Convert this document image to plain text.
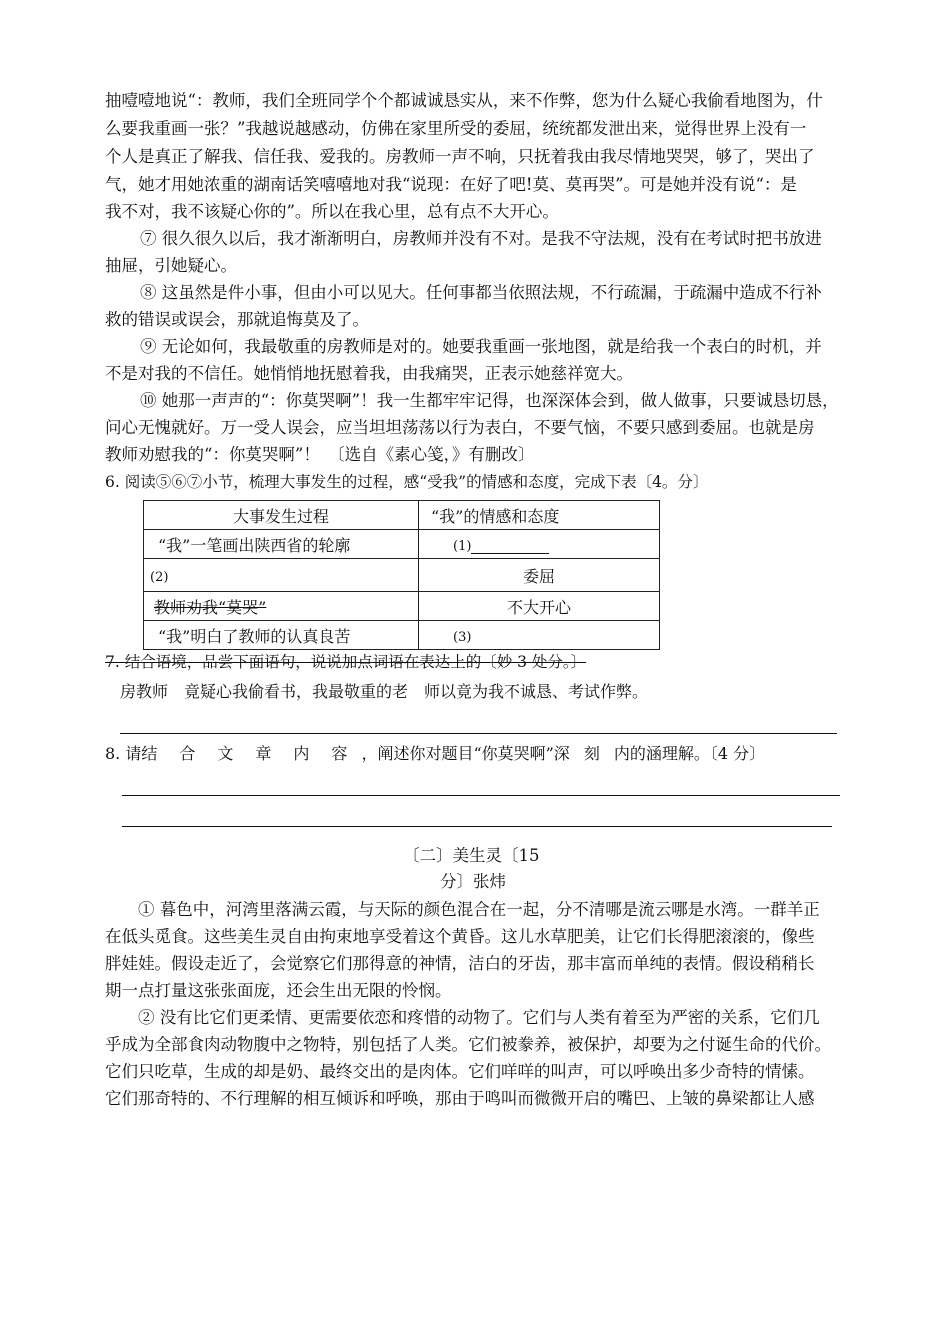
抽噎噎地说“：教师，我们全班同学个个都诚诚恳实从，来不作弊，您为什么疑心我偷看地图为，什
么要我重画一张？”我越说越感动，仿佛在家里所受的委屈，统统都发泄出来，觉得世界上没有一
个人是真正了解我、信任我、爱我的。房教师一声不响，只抚着我由我尽情地哭哭，够了，哭出了
气，她才用她浓重的湖南话笑嘻嘻地对我“说现：在好了吧!莫、莫再哭”。可是她并没有说“：是
我不对，我不该疑心你的”。所以在我心里，总有点不大开心。
⑦ 很久很久以后，我才渐渐明白，房教师并没有不对。是我不守法规，没有在考试时把书放进
抽屉，引她疑心。
⑧ 这虽然是件小事，但由小可以见大。任何事都当依照法规，不行疏漏，于疏漏中造成不行补
救的错误或误会，那就追悔莫及了。
⑨ 无论如何，我最敬重的房教师是对的。她要我重画一张地图，就是给我一个表白的时机，并
不是对我的不信任。她悄悄地抚慰着我，由我痛哭，正表示她慈祥宽大。
⑩ 她那一声声的“：你莫哭啊”！我一生都牢牢记得，也深深体会到，做人做事，只要诚恳切恳，
问心无愧就好。万一受人误会，应当坦坦荡荡以行为表白，不要气恼，不要只感到委屈。也就是房
教师劝慰我的“：你莫哭啊”！　〔选自《素心笺，》有删改〕
6. 阅读⑤⑥⑦小节，梳理大事发生的过程，感“受我”的情感和态度，完成下表〔4。分〕
大事发生过程	“我”的情感和态度
“我”一笔画出陕西省的轮廓	(1)
(2)	委屈
教师劝我“莫哭”	不大开心
“我”明白了教师的认真良苦	(3)
7. 结合语境，品尝下面语句，说说加点词语在表达上的〔妙 3 处分。〕
房教师　竟疑心我偷看书，我最敬重的老　师以竟为我不诚恳、考试作弊。
8. 请结 合 文 章 内 容 ，阐述你对题目“你莫哭啊”深 刻 内的涵理解。〔4 分〕
〔二〕美生灵〔15
分〕张炜
① 暮色中，河湾里落满云霞，与天际的颜色混合在一起，分不清哪是流云哪是水湾。一群羊正
在低头觅食。这些美生灵自由拘束地享受着这个黄昏。这儿水草肥美，让它们长得肥滚滚的，像些
胖娃娃。假设走近了，会觉察它们那得意的神情，洁白的牙齿，那丰富而单纯的表情。假设稍稍长
期一点打量这张张面庞，还会生出无限的怜悯。
② 没有比它们更柔情、更需要依恋和疼惜的动物了。它们与人类有着至为严密的关系，它们几
乎成为全部食肉动物腹中之物特，别包括了人类。它们被豢养，被保护，却要为之付诞生命的代价。
它们只吃草，生成的却是奶、最终交出的是肉体。它们咩咩的叫声，可以呼唤出多少奇特的情愫。
它们那奇特的、不行理解的相互倾诉和呼唤，那由于鸣叫而微微开启的嘴巴、上皱的鼻梁都让人感
